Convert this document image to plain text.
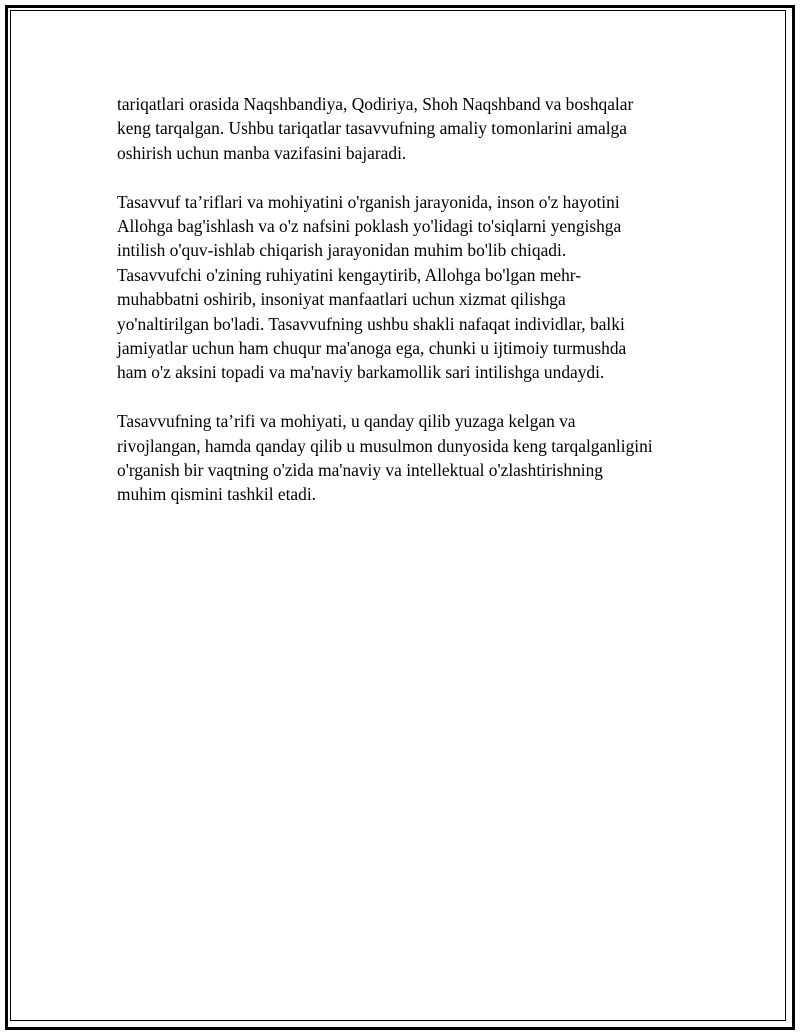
tariqatlari orasida Naqshbandiya, Qodiriya, Shoh Naqshband va boshqalar
keng tarqalgan. Ushbu tariqatlar tasavvufning amaliy tomonlarini amalga
oshirish uchun manba vazifasini bajaradi.

Tasavvuf ta’riflari va mohiyatini o'rganish jarayonida, inson o'z hayotini
Allohga bag'ishlash va o'z nafsini poklash yo'lidagi to'siqlarni yengishga
intilish o'quv-ishlab chiqarish jarayonidan muhim bo'lib chiqadi.
Tasavvufchi o'zining ruhiyatini kengaytirib, Allohga bo'lgan mehr-
muhabbatni oshirib, insoniyat manfaatlari uchun xizmat qilishga
yo'naltirilgan bo'ladi. Tasavvufning ushbu shakli nafaqat individlar, balki
jamiyatlar uchun ham chuqur ma'anoga ega, chunki u ijtimoiy turmushda
ham o'z aksini topadi va ma'naviy barkamollik sari intilishga undaydi.

Tasavvufning ta’rifi va mohiyati, u qanday qilib yuzaga kelgan va
rivojlangan, hamda qanday qilib u musulmon dunyosida keng tarqalganligini
o'rganish bir vaqtning o'zida ma'naviy va intellektual o'zlashtirishning
muhim qismini tashkil etadi.
